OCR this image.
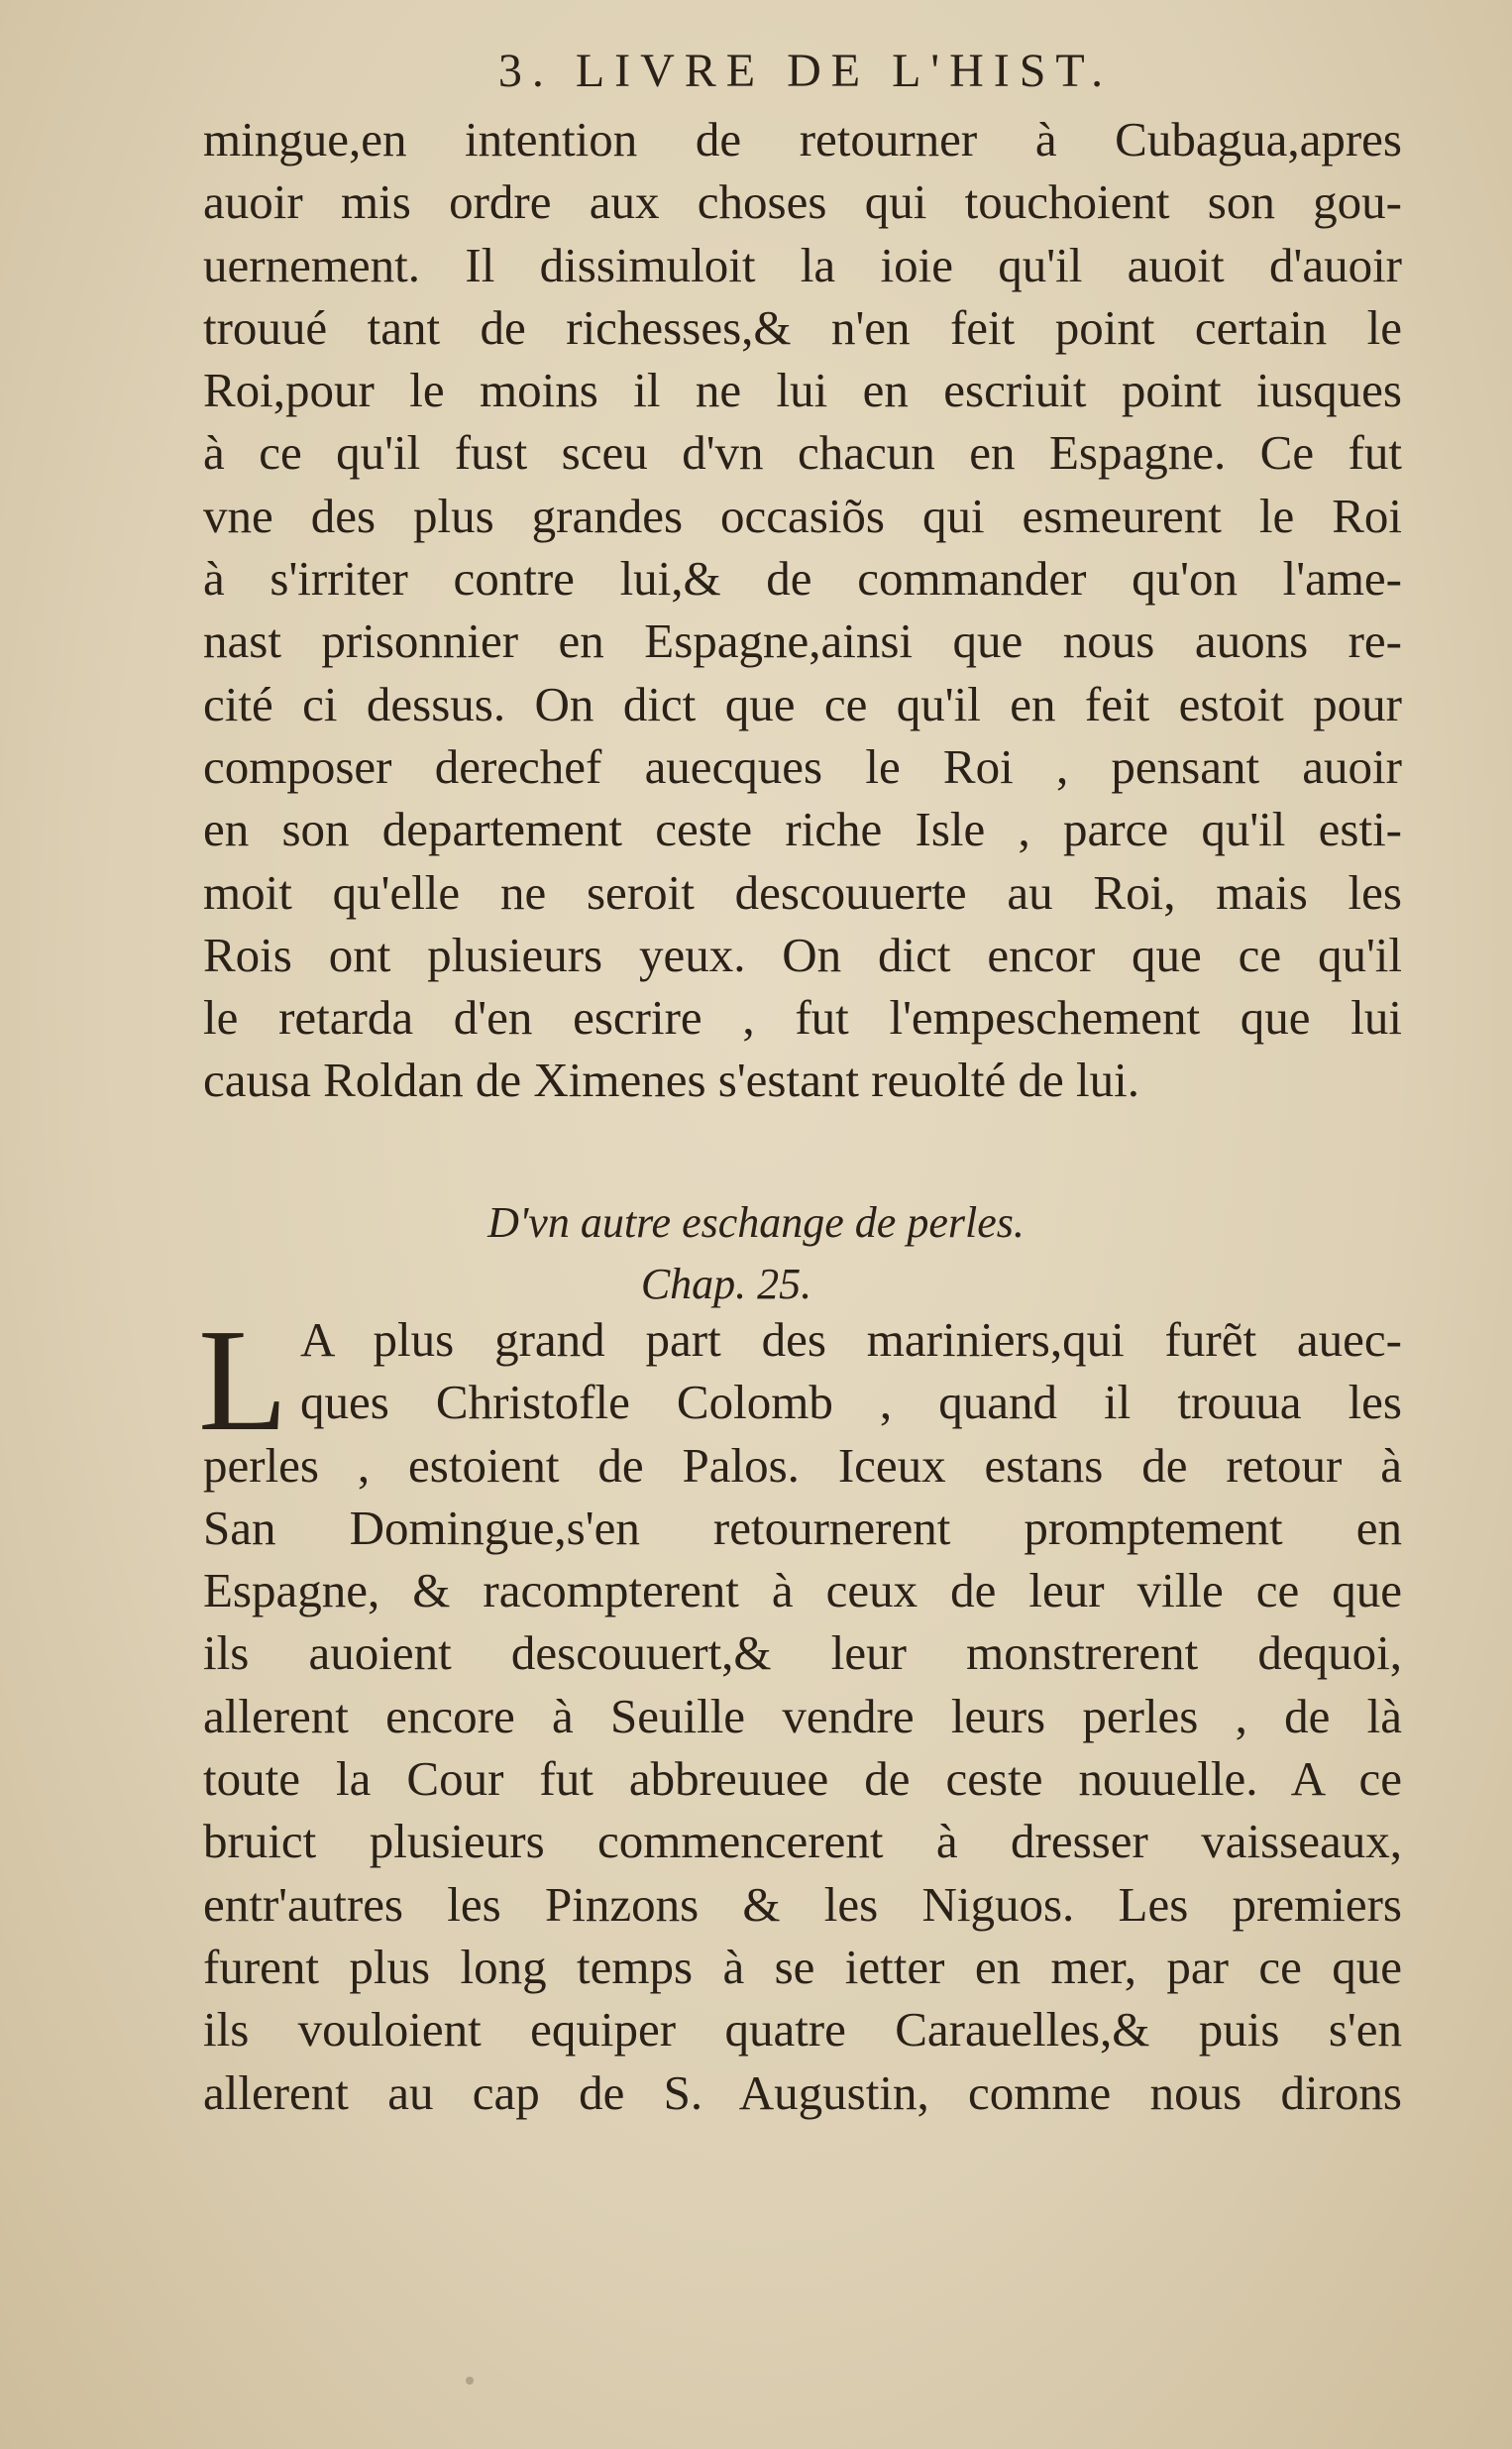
3. LIVRE DE L'HIST.
mingue,en intention de retourner à Cubagua,apres
auoir mis ordre aux choses qui touchoient son gou-
uernement. Il dissimuloit la ioie qu'il auoit d'auoir
trouué tant de richesses,& n'en feit point certain le
Roi,pour le moins il ne lui en escriuit point iusques
à ce qu'il fust sceu d'vn chacun en Espagne. Ce fut
vne des plus grandes occasiõs qui esmeurent le Roi
à s'irriter contre lui,& de commander qu'on l'ame-
nast prisonnier en Espagne,ainsi que nous auons re-
cité ci dessus. On dict que ce qu'il en feit estoit pour
composer derechef auecques le Roi , pensant auoir
en son departement ceste riche Isle , parce qu'il esti-
moit qu'elle ne seroit descouuerte au Roi, mais les
Rois ont plusieurs yeux. On dict encor que ce qu'il
le retarda d'en escrire , fut l'empeschement que lui
causa Roldan de Ximenes s'estant reuolté de lui.
D'vn autre eschange de perles.
Chap. 25.
L A plus grand part des mariniers,qui furẽt auec-
ques Christofle Colomb , quand il trouua les
perles , estoient de Palos. Iceux estans de retour à
San Domingue,s'en retournerent promptement en
Espagne, & racompterent à ceux de leur ville ce que
ils auoient descouuert,& leur monstrerent dequoi,
allerent encore à Seuille vendre leurs perles , de là
toute la Cour fut abbreuuee de ceste nouuelle. A ce
bruict plusieurs commencerent à dresser vaisseaux,
entr'autres les Pinzons & les Niguos. Les premiers
furent plus long temps à se ietter en mer, par ce que
ils vouloient equiper quatre Carauelles,& puis s'en
allerent au cap de S. Augustin, comme nous dirons
